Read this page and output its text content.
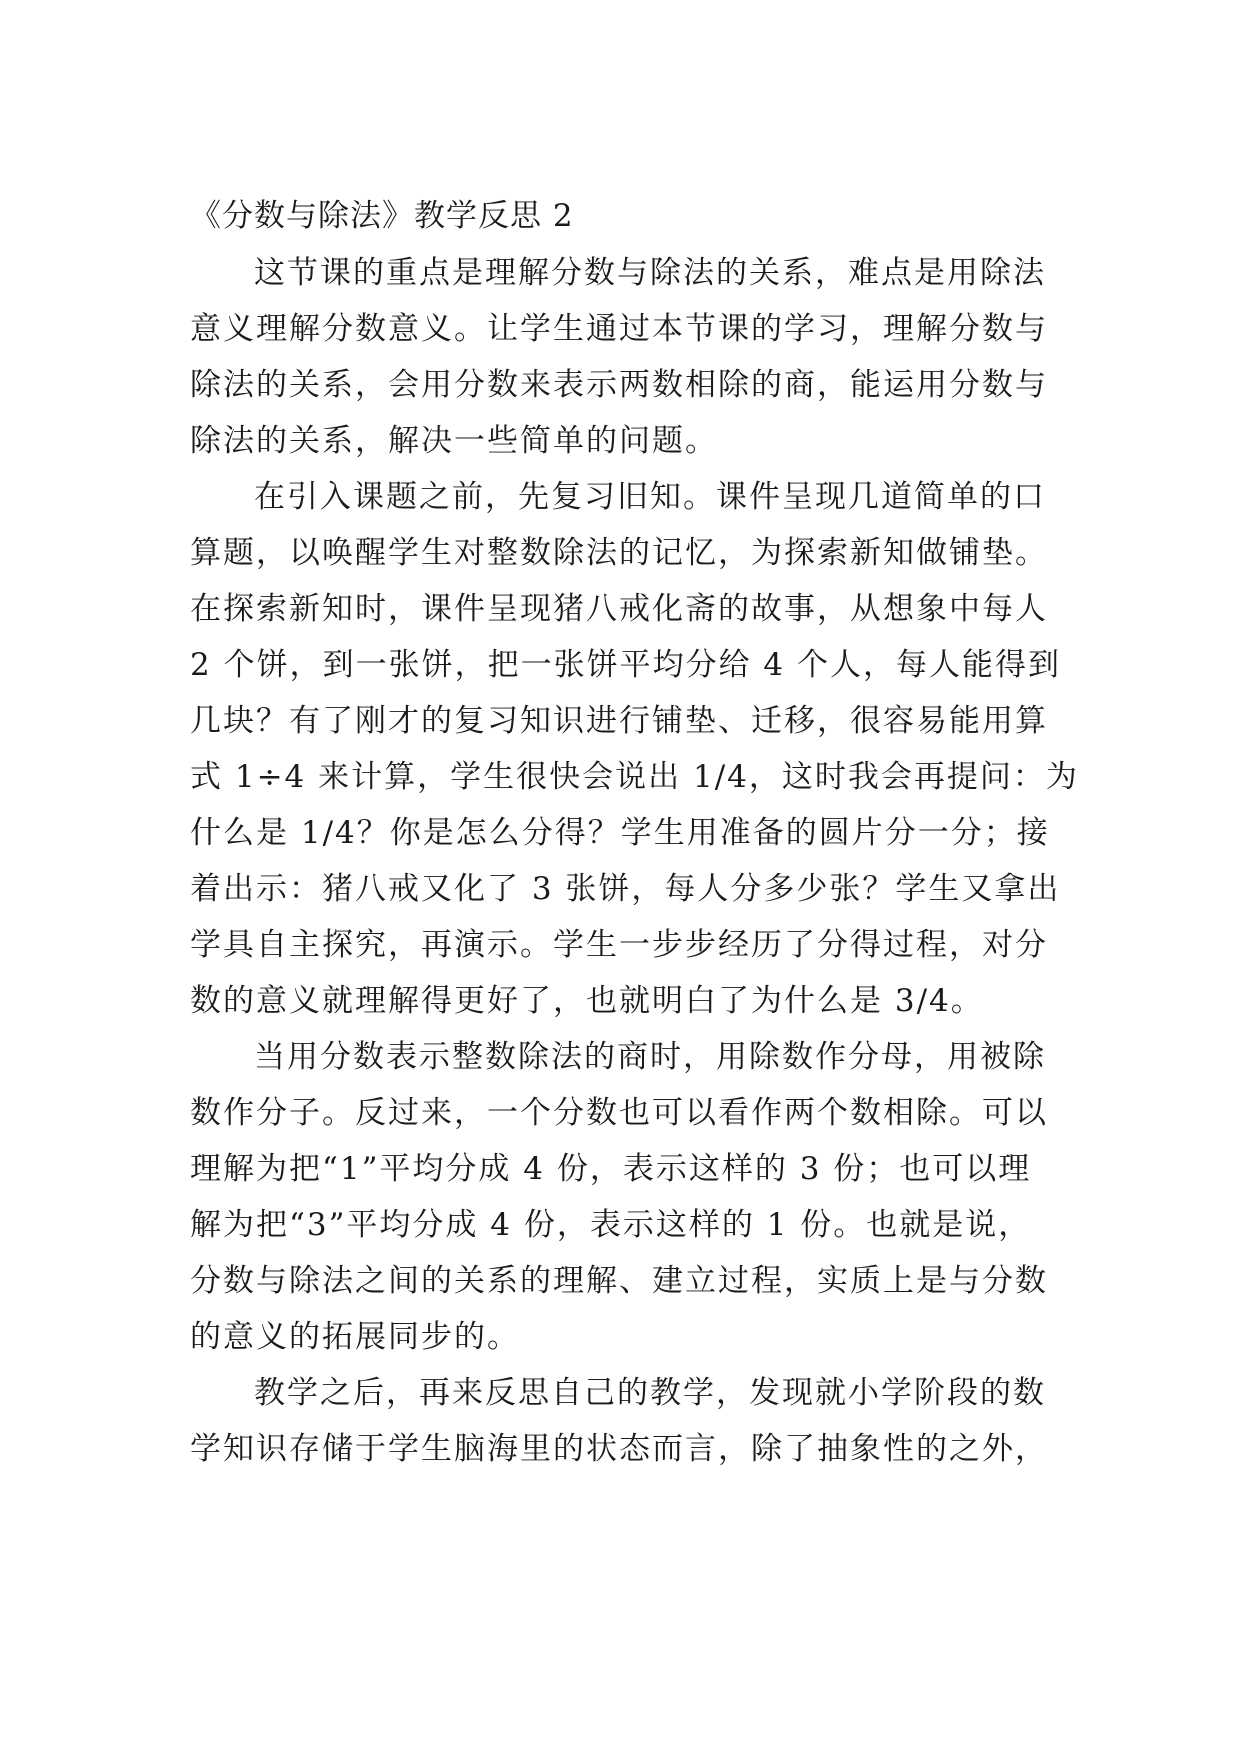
《分数与除法》教学反思 2
这节课的重点是理解分数与除法的关系，难点是用除法
意义理解分数意义。让学生通过本节课的学习，理解分数与
除法的关系，会用分数来表示两数相除的商，能运用分数与
除法的关系，解决一些简单的问题。
在引入课题之前，先复习旧知。课件呈现几道简单的口
算题，以唤醒学生对整数除法的记忆，为探索新知做铺垫。
在探索新知时，课件呈现猪八戒化斋的故事，从想象中每人
2 个饼，到一张饼，把一张饼平均分给 4 个人，每人能得到
几块？有了刚才的复习知识进行铺垫、迁移，很容易能用算
式 1÷4 来计算，学生很快会说出 1/4，这时我会再提问：为
什么是 1/4？你是怎么分得？学生用准备的圆片分一分；接
着出示：猪八戒又化了 3 张饼，每人分多少张？学生又拿出
学具自主探究，再演示。学生一步步经历了分得过程，对分
数的意义就理解得更好了，也就明白了为什么是 3/4。
当用分数表示整数除法的商时，用除数作分母，用被除
数作分子。反过来，一个分数也可以看作两个数相除。可以
理解为把“1”平均分成 4 份，表示这样的 3 份；也可以理
解为把“3”平均分成 4 份，表示这样的 1 份。也就是说，
分数与除法之间的关系的理解、建立过程，实质上是与分数
的意义的拓展同步的。
教学之后，再来反思自己的教学，发现就小学阶段的数
学知识存储于学生脑海里的状态而言，除了抽象性的之外，
